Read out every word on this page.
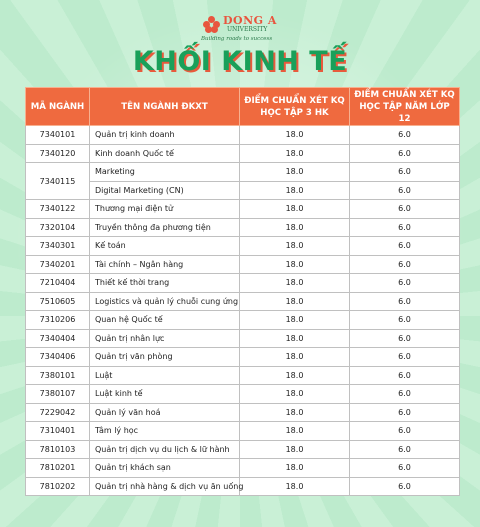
DONG A
UNIVERSITY
Building roads to success
KHỐI KINH TẾ
MÃ NGÀNH	TÊN NGÀNH ĐKXT	ĐIỂM CHUẨN XÉT KQ HỌC TẬP 3 HK	ĐIỂM CHUẨN XÉT KQ HỌC TẬP NĂM LỚP 12
7340101	Quản trị kinh doanh	18.0	6.0
7340120	Kinh doanh Quốc tế	18.0	6.0
7340115	Marketing	18.0	6.0
	Digital Marketing (CN)	18.0	6.0
7340122	Thương mại điện tử	18.0	6.0
7320104	Truyền thông đa phương tiện	18.0	6.0
7340301	Kế toán	18.0	6.0
7340201	Tài chính – Ngân hàng	18.0	6.0
7210404	Thiết kế thời trang	18.0	6.0
7510605	Logistics và quản lý chuỗi cung ứng	18.0	6.0
7310206	Quan hệ Quốc tế	18.0	6.0
7340404	Quản trị nhân lực	18.0	6.0
7340406	Quản trị văn phòng	18.0	6.0
7380101	Luật	18.0	6.0
7380107	Luật kinh tế	18.0	6.0
7229042	Quản lý văn hoá	18.0	6.0
7310401	Tâm lý học	18.0	6.0
7810103	Quản trị dịch vụ du lịch & lữ hành	18.0	6.0
7810201	Quản trị khách sạn	18.0	6.0
7810202	Quản trị nhà hàng & dịch vụ ăn uống	18.0	6.0
